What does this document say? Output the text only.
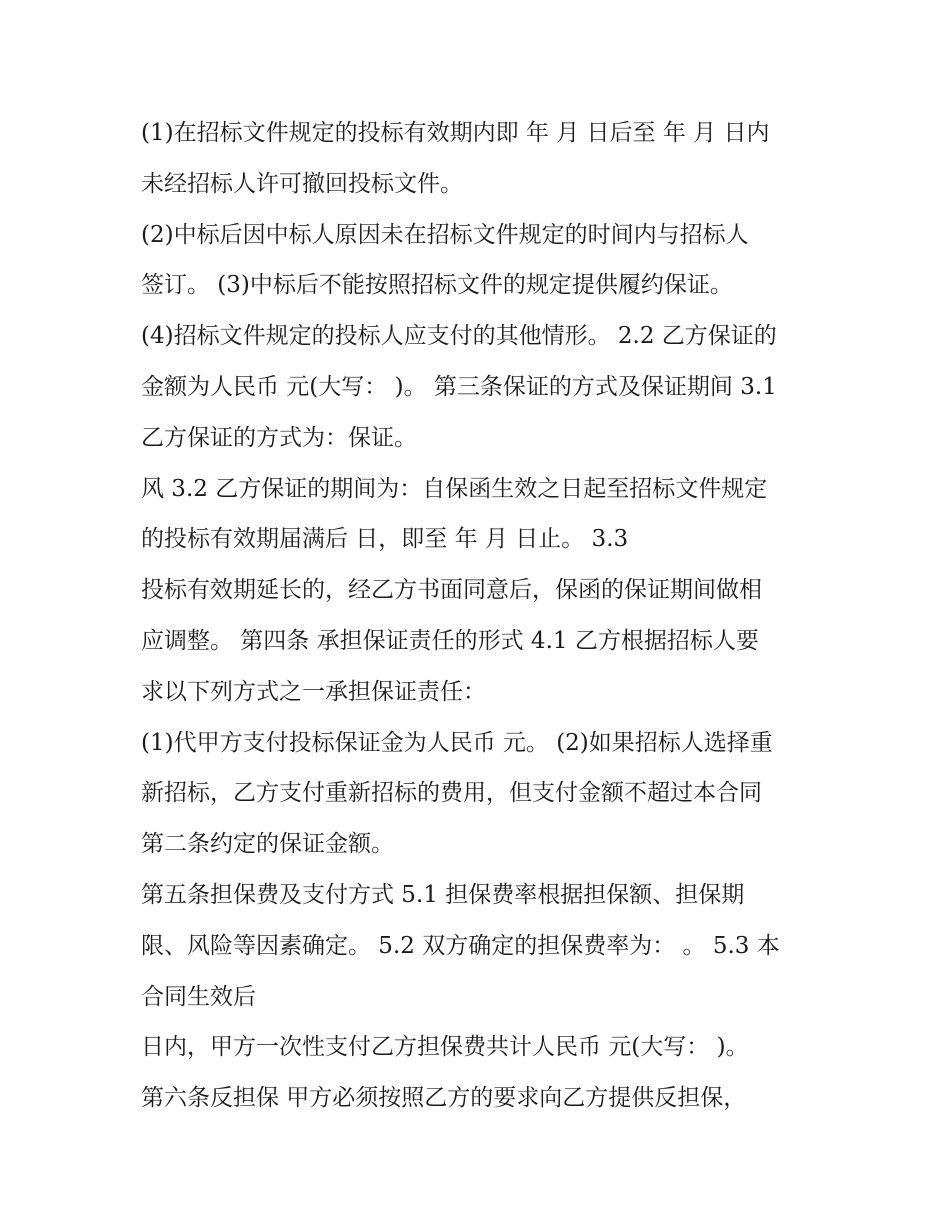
(1)在招标文件规定的投标有效期内即 年 月 日后至 年 月 日内
未经招标人许可撤回投标文件。
(2)中标后因中标人原因未在招标文件规定的时间内与招标人
签订。 (3)中标后不能按照招标文件的规定提供履约保证。
(4)招标文件规定的投标人应支付的其他情形。 2.2 乙方保证的
金额为人民币 元(大写： )。 第三条保证的方式及保证期间 3.1
乙方保证的方式为：保证。
风 3.2 乙方保证的期间为：自保函生效之日起至招标文件规定
的投标有效期届满后 日，即至 年 月 日止。 3.3
投标有效期延长的，经乙方书面同意后，保函的保证期间做相
应调整。 第四条 承担保证责任的形式 4.1 乙方根据招标人要
求以下列方式之一承担保证责任：
(1)代甲方支付投标保证金为人民币 元。 (2)如果招标人选择重
新招标，乙方支付重新招标的费用，但支付金额不超过本合同
第二条约定的保证金额。
第五条担保费及支付方式 5.1 担保费率根据担保额、担保期
限、风险等因素确定。 5.2 双方确定的担保费率为： 。 5.3 本
合同生效后
日内，甲方一次性支付乙方担保费共计人民币 元(大写： )。
第六条反担保 甲方必须按照乙方的要求向乙方提供反担保，
